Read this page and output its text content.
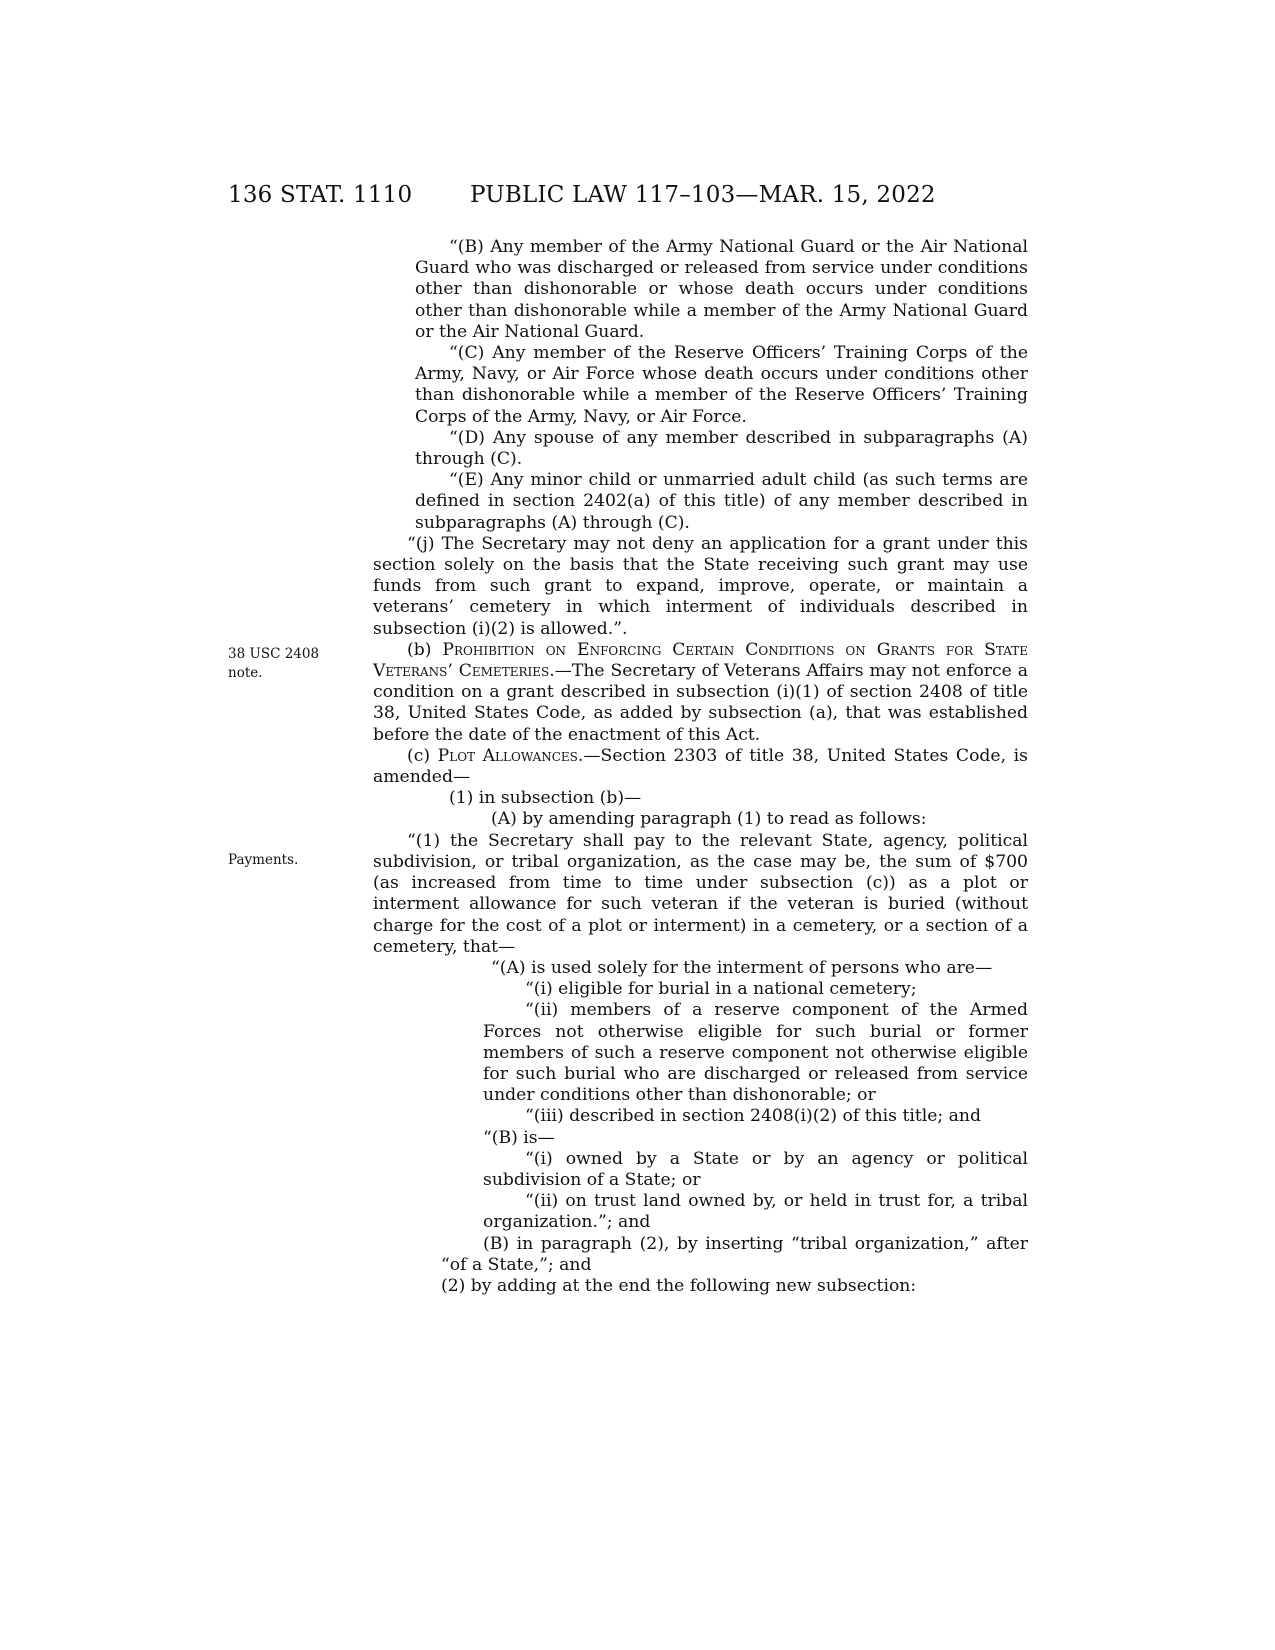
136 STAT. 1110	PUBLIC LAW 117–103—MAR. 15, 2022
38 USC 2408 note.
Payments.

“(B) Any member of the Army National Guard or the Air National Guard who was discharged or released from service under conditions other than dishonorable or whose death occurs under conditions other than dishonorable while a member of the Army National Guard or the Air National Guard.

“(C) Any member of the Reserve Officers’ Training Corps of the Army, Navy, or Air Force whose death occurs under conditions other than dishonorable while a member of the Reserve Officers’ Training Corps of the Army, Navy, or Air Force.

“(D) Any spouse of any member described in subparagraphs (A) through (C).

“(E) Any minor child or unmarried adult child (as such terms are defined in section 2402(a) of this title) of any member described in subparagraphs (A) through (C).

“(j) The Secretary may not deny an application for a grant under this section solely on the basis that the State receiving such grant may use funds from such grant to expand, improve, operate, or maintain a veterans’ cemetery in which interment of individuals described in subsection (i)(2) is allowed.”.

(b) Prohibition on Enforcing Certain Conditions on Grants for State Veterans’ Cemeteries.—The Secretary of Veterans Affairs may not enforce a condition on a grant described in subsection (i)(1) of section 2408 of title 38, United States Code, as added by subsection (a), that was established before the date of the enactment of this Act.

(c) Plot Allowances.—Section 2303 of title 38, United States Code, is amended—

(1) in subsection (b)—

(A) by amending paragraph (1) to read as follows:

“(1) the Secretary shall pay to the relevant State, agency, political subdivision, or tribal organization, as the case may be, the sum of $700 (as increased from time to time under subsection (c)) as a plot or interment allowance for such veteran if the veteran is buried (without charge for the cost of a plot or interment) in a cemetery, or a section of a cemetery, that—

“(A) is used solely for the interment of persons who are—

“(i) eligible for burial in a national cemetery;

“(ii) members of a reserve component of the Armed Forces not otherwise eligible for such burial or former members of such a reserve component not otherwise eligible for such burial who are discharged or released from service under conditions other than dishonorable; or

“(iii) described in section 2408(i)(2) of this title; and

“(B) is—

“(i) owned by a State or by an agency or political subdivision of a State; or

“(ii) on trust land owned by, or held in trust for, a tribal organization.”; and

(B) in paragraph (2), by inserting “tribal organization,” after “of a State,”; and

(2) by adding at the end the following new subsection:
